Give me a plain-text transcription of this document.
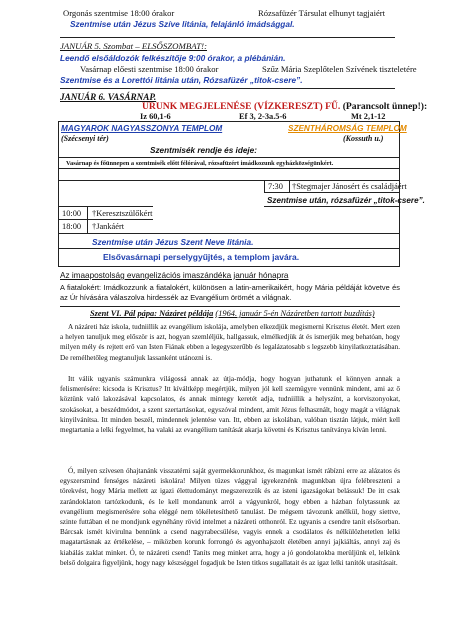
Orgonás szentmise 18:00 órakor	Rózsafüzér Társulat elhunyt tagjaiért
Szentmise után Jézus Szíve litánia, felajánló imádsággal.
JANUÁR 5. Szombat – ELSŐSZOMBAT!:
Leendő elsőáldozók felkészítője 9:00 órakor, a plébánián.
Vasárnap előesti szentmise 18:00 órakor	Szűz Mária Szeplőtelen Szívének tiszteletére
Szentmise és a Lorettói litánia után, Rózsafüzér „titok-csere”.
JANUÁR 6. VASÁRNAP.
URUNK MEGJELENÉSE (VÍZKERESZT) FŰ. (Parancsolt ünnep!):
Iz 60,1-6	Ef 3, 2-3a.5-6	Mt 2,1-12
MAGYAROK NAGYASSZONYA TEMPLOM	SZENTHÁROMSÁG TEMPLOM
(Szécsenyi tér)	(Kossuth u.)
Szentmisék rendje és ideje:
Vasárnap és főünnepen a szentmisék előtt félórával, rózsafüzért imádkozunk egyházközségünkért.
7:30 †Stegmajer Jánosért és családjáért
Szentmise után, rózsafüzér „titok-csere”.
10:00 †Keresztszülőkért
18:00 †Jankáért
Szentmise után Jézus Szent Neve litánia.
Elsővasárnapi perselygyűjtés, a templom javára.
Az imaapostolság evangelizációs imaszándéka január hónapra

A fiatalokért: Imádkozzunk a fiatalokért, különösen a latin-amerikaikért, hogy Mária példáját követve és az Úr hívására válaszolva hirdessék az Evangélium örömét a világnak.

Szent VI. Pál pápa: Názáret példája (1964. január 5-én Názáretben tartott buzdítás)

A názáreti ház iskola, tudniillik az evangélium iskolája, amelyben elkezdjük megismerni Krisztus életét. Mert ezen a helyen tanuljuk meg először is azt, hogyan szemléljük, hallgassuk, elmélkedjük át és ismerjük meg behatóan, hogy milyen mély és rejtett erő van Isten Fiának ebben a legegyszerűbb és legalázatosabb s legszebb kinyilatkoztatásában. De remélhetőleg megtanuljuk lassanként utánozni is.

Itt válik ugyanis számunkra világossá annak az útja-módja, hogy hogyan juthatunk el könnyen annak a felismerésére: kicsoda is Krisztus? Itt kíváltképp megértjük, milyen jól kell szemügyre vennünk mindent, ami az ő köztünk való lakozásával kapcsolatos, és annak mintegy keretét adja, tudniillik a helyszínt, a korviszonyokat, szokásokat, a beszédmódot, a szent szertartásokat, egyszóval mindent, amit Jézus felhasznált, hogy magát a világnak kinyilvánítsa. Itt minden beszél, mindennek jelentése van. Itt, ebben az iskolában, valóban tisztán látjuk, miért kell megtartania a lelki fegyelmet, ha valaki az evangélium tanítását akarja követni és Krisztus tanítványa kíván lenni.

Ó, milyen szívesen óhajtanánk visszatérni saját gyermekkorunkhoz, és magunkat ismét rábízni erre az alázatos és egyszersmind fenséges názáreti iskolára! Milyen tüzes vággyal igyekeznénk magunkban újra felébreszteni a törekvést, hogy Mária mellett az igazi élettudományt megszerezzük és az isteni igazságokat belássuk! De itt csak zarándoklaton tartózkodunk, és le kell mondanunk arról a vágyunkról, hogy ebben a házban folytassunk az evangélium megismerésére soha eléggé nem tökéletesíthető tanulást. De mégsem távozunk anélkül, hogy siettve, szinte futtában el ne mondjunk egynéhány rövid intelmet a názáreti otthonról. Ez ugyanis a csendre tanít elsősorban. Bárcsak ismét kivirulna bennünk a csend nagyrabecsülése, vagyis ennek a csodálatos és nélkülözhetetlen lelki magatartásnak az értékelése, – miközben korunk forrongó és agyonhajszolt életében annyi jajkiáltás, annyi zaj és kiabálás zaklat minket. Ó, te názáreti csend! Taníts meg minket arra, hogy a jó gondolatokba merüljünk el, lelkünk belső dolgaira figyeljünk, hogy nagy készséggel fogadjuk be Isten titkos sugallatait és az igaz lelki tanítók utasításait.
